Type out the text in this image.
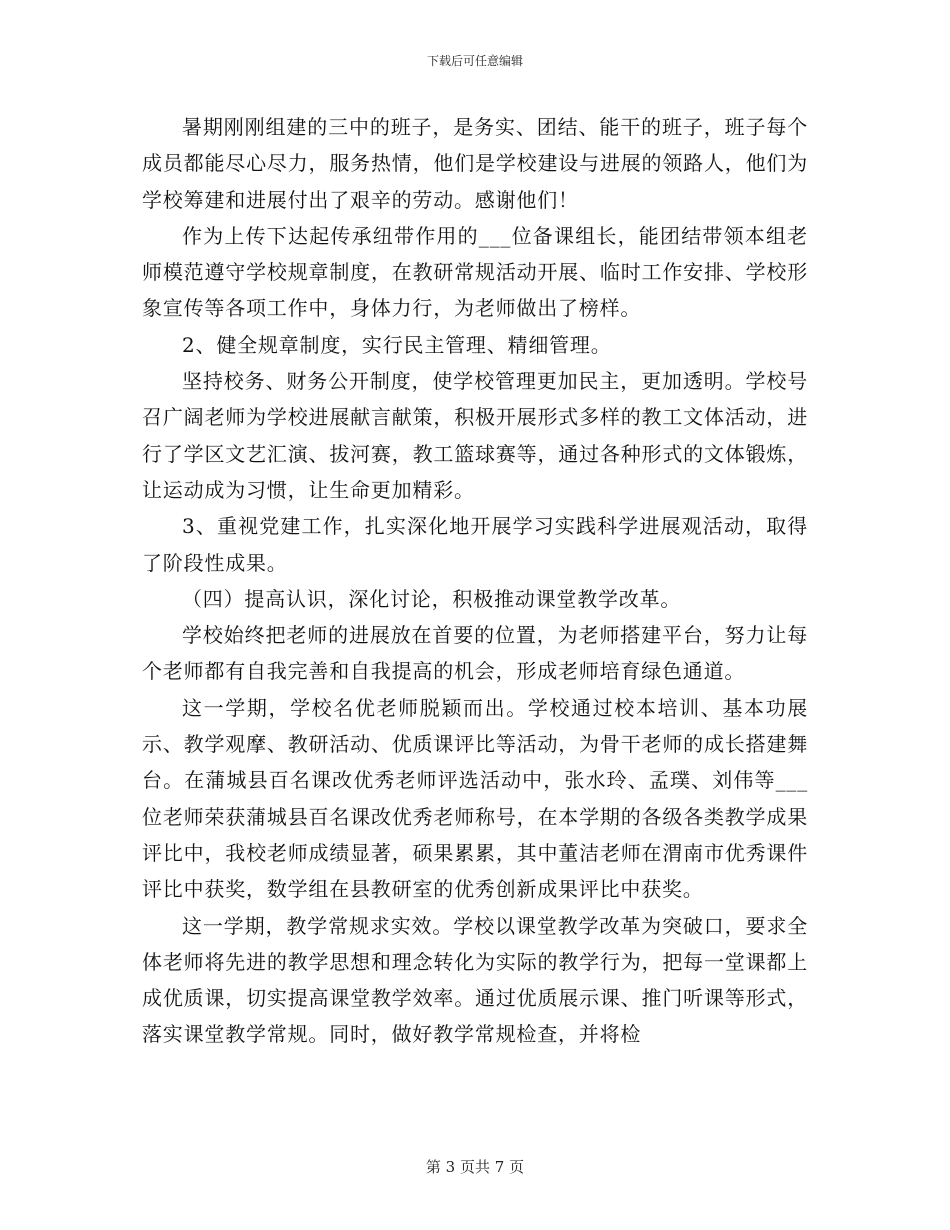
下载后可任意编辑

暑期刚刚组建的三中的班子，是务实、团结、能干的班子，班子每个成员都能尽心尽力，服务热情，他们是学校建设与进展的领路人，他们为学校筹建和进展付出了艰辛的劳动。感谢他们！

作为上传下达起传承纽带作用的___位备课组长，能团结带领本组老师模范遵守学校规章制度，在教研常规活动开展、临时工作安排、学校形象宣传等各项工作中，身体力行，为老师做出了榜样。

2、健全规章制度，实行民主管理、精细管理。

坚持校务、财务公开制度，使学校管理更加民主，更加透明。学校号召广阔老师为学校进展献言献策，积极开展形式多样的教工文体活动，进行了学区文艺汇演、拔河赛，教工篮球赛等，通过各种形式的文体锻炼，让运动成为习惯，让生命更加精彩。

3、重视党建工作，扎实深化地开展学习实践科学进展观活动，取得了阶段性成果。

（四）提高认识，深化讨论，积极推动课堂教学改革。

学校始终把老师的进展放在首要的位置，为老师搭建平台，努力让每个老师都有自我完善和自我提高的机会，形成老师培育绿色通道。

这一学期，学校名优老师脱颖而出。学校通过校本培训、基本功展示、教学观摩、教研活动、优质课评比等活动，为骨干老师的成长搭建舞台。在蒲城县百名课改优秀老师评选活动中，张水玲、孟璞、刘伟等___位老师荣获蒲城县百名课改优秀老师称号，在本学期的各级各类教学成果评比中，我校老师成绩显著，硕果累累，其中董洁老师在渭南市优秀课件评比中获奖，数学组在县教研室的优秀创新成果评比中获奖。

这一学期，教学常规求实效。学校以课堂教学改革为突破口，要求全体老师将先进的教学思想和理念转化为实际的教学行为，把每一堂课都上成优质课，切实提高课堂教学效率。通过优质展示课、推门听课等形式，落实课堂教学常规。同时，做好教学常规检查，并将检

第 3 页共 7 页
